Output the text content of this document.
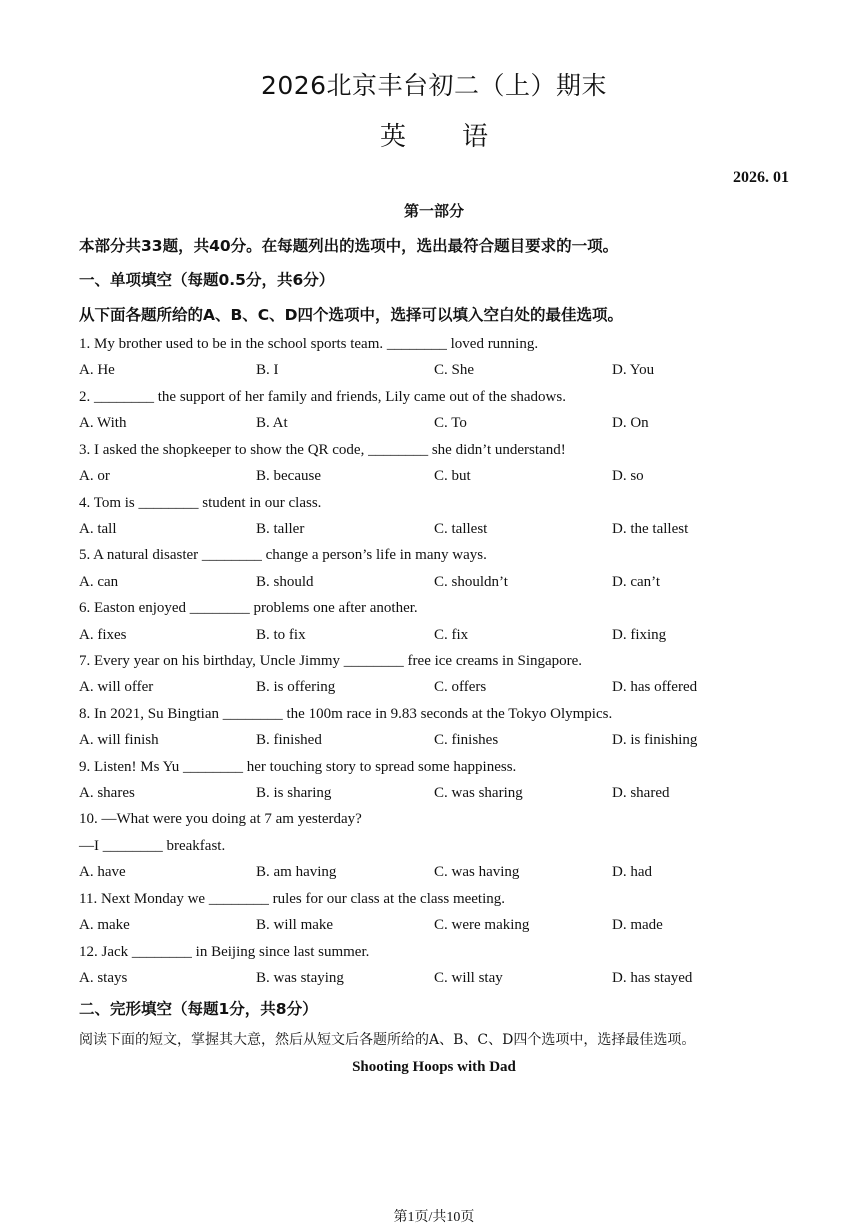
2026北京丰台初二（上）期末
英语
2026. 01
第一部分
本部分共33题，共40分。在每题列出的选项中，选出最符合题目要求的一项。
一、单项填空（每题0.5分，共6分）
从下面各题所给的A、B、C、D四个选项中，选择可以填入空白处的最佳选项。
1. My brother used to be in the school sports team. ________ loved running.
A. He	B. I	C. She	D. You
2. ________ the support of her family and friends, Lily came out of the shadows.
A. With	B. At	C. To	D. On
3. I asked the shopkeeper to show the QR code, ________ she didn’t understand!
A. or	B. because	C. but	D. so
4. Tom is ________ student in our class.
A. tall	B. taller	C. tallest	D. the tallest
5. A natural disaster ________ change a person’s life in many ways.
A. can	B. should	C. shouldn’t	D. can’t
6. Easton enjoyed ________ problems one after another.
A. fixes	B. to fix	C. fix	D. fixing
7. Every year on his birthday, Uncle Jimmy ________ free ice creams in Singapore.
A. will offer	B. is offering	C. offers	D. has offered
8. In 2021, Su Bingtian ________ the 100m race in 9.83 seconds at the Tokyo Olympics.
A. will finish	B. finished	C. finishes	D. is finishing
9. Listen! Ms Yu ________ her touching story to spread some happiness.
A. shares	B. is sharing	C. was sharing	D. shared
10. —What were you doing at 7 am yesterday?
—I ________ breakfast.
A. have	B. am having	C. was having	D. had
11. Next Monday we ________ rules for our class at the class meeting.
A. make	B. will make	C. were making	D. made
12. Jack ________ in Beijing since last summer.
A. stays	B. was staying	C. will stay	D. has stayed
二、完形填空（每题1分，共8分）
阅读下面的短文，掌握其大意，然后从短文后各题所给的A、B、C、D四个选项中，选择最佳选项。
Shooting Hoops with Dad
第1页/共10页
